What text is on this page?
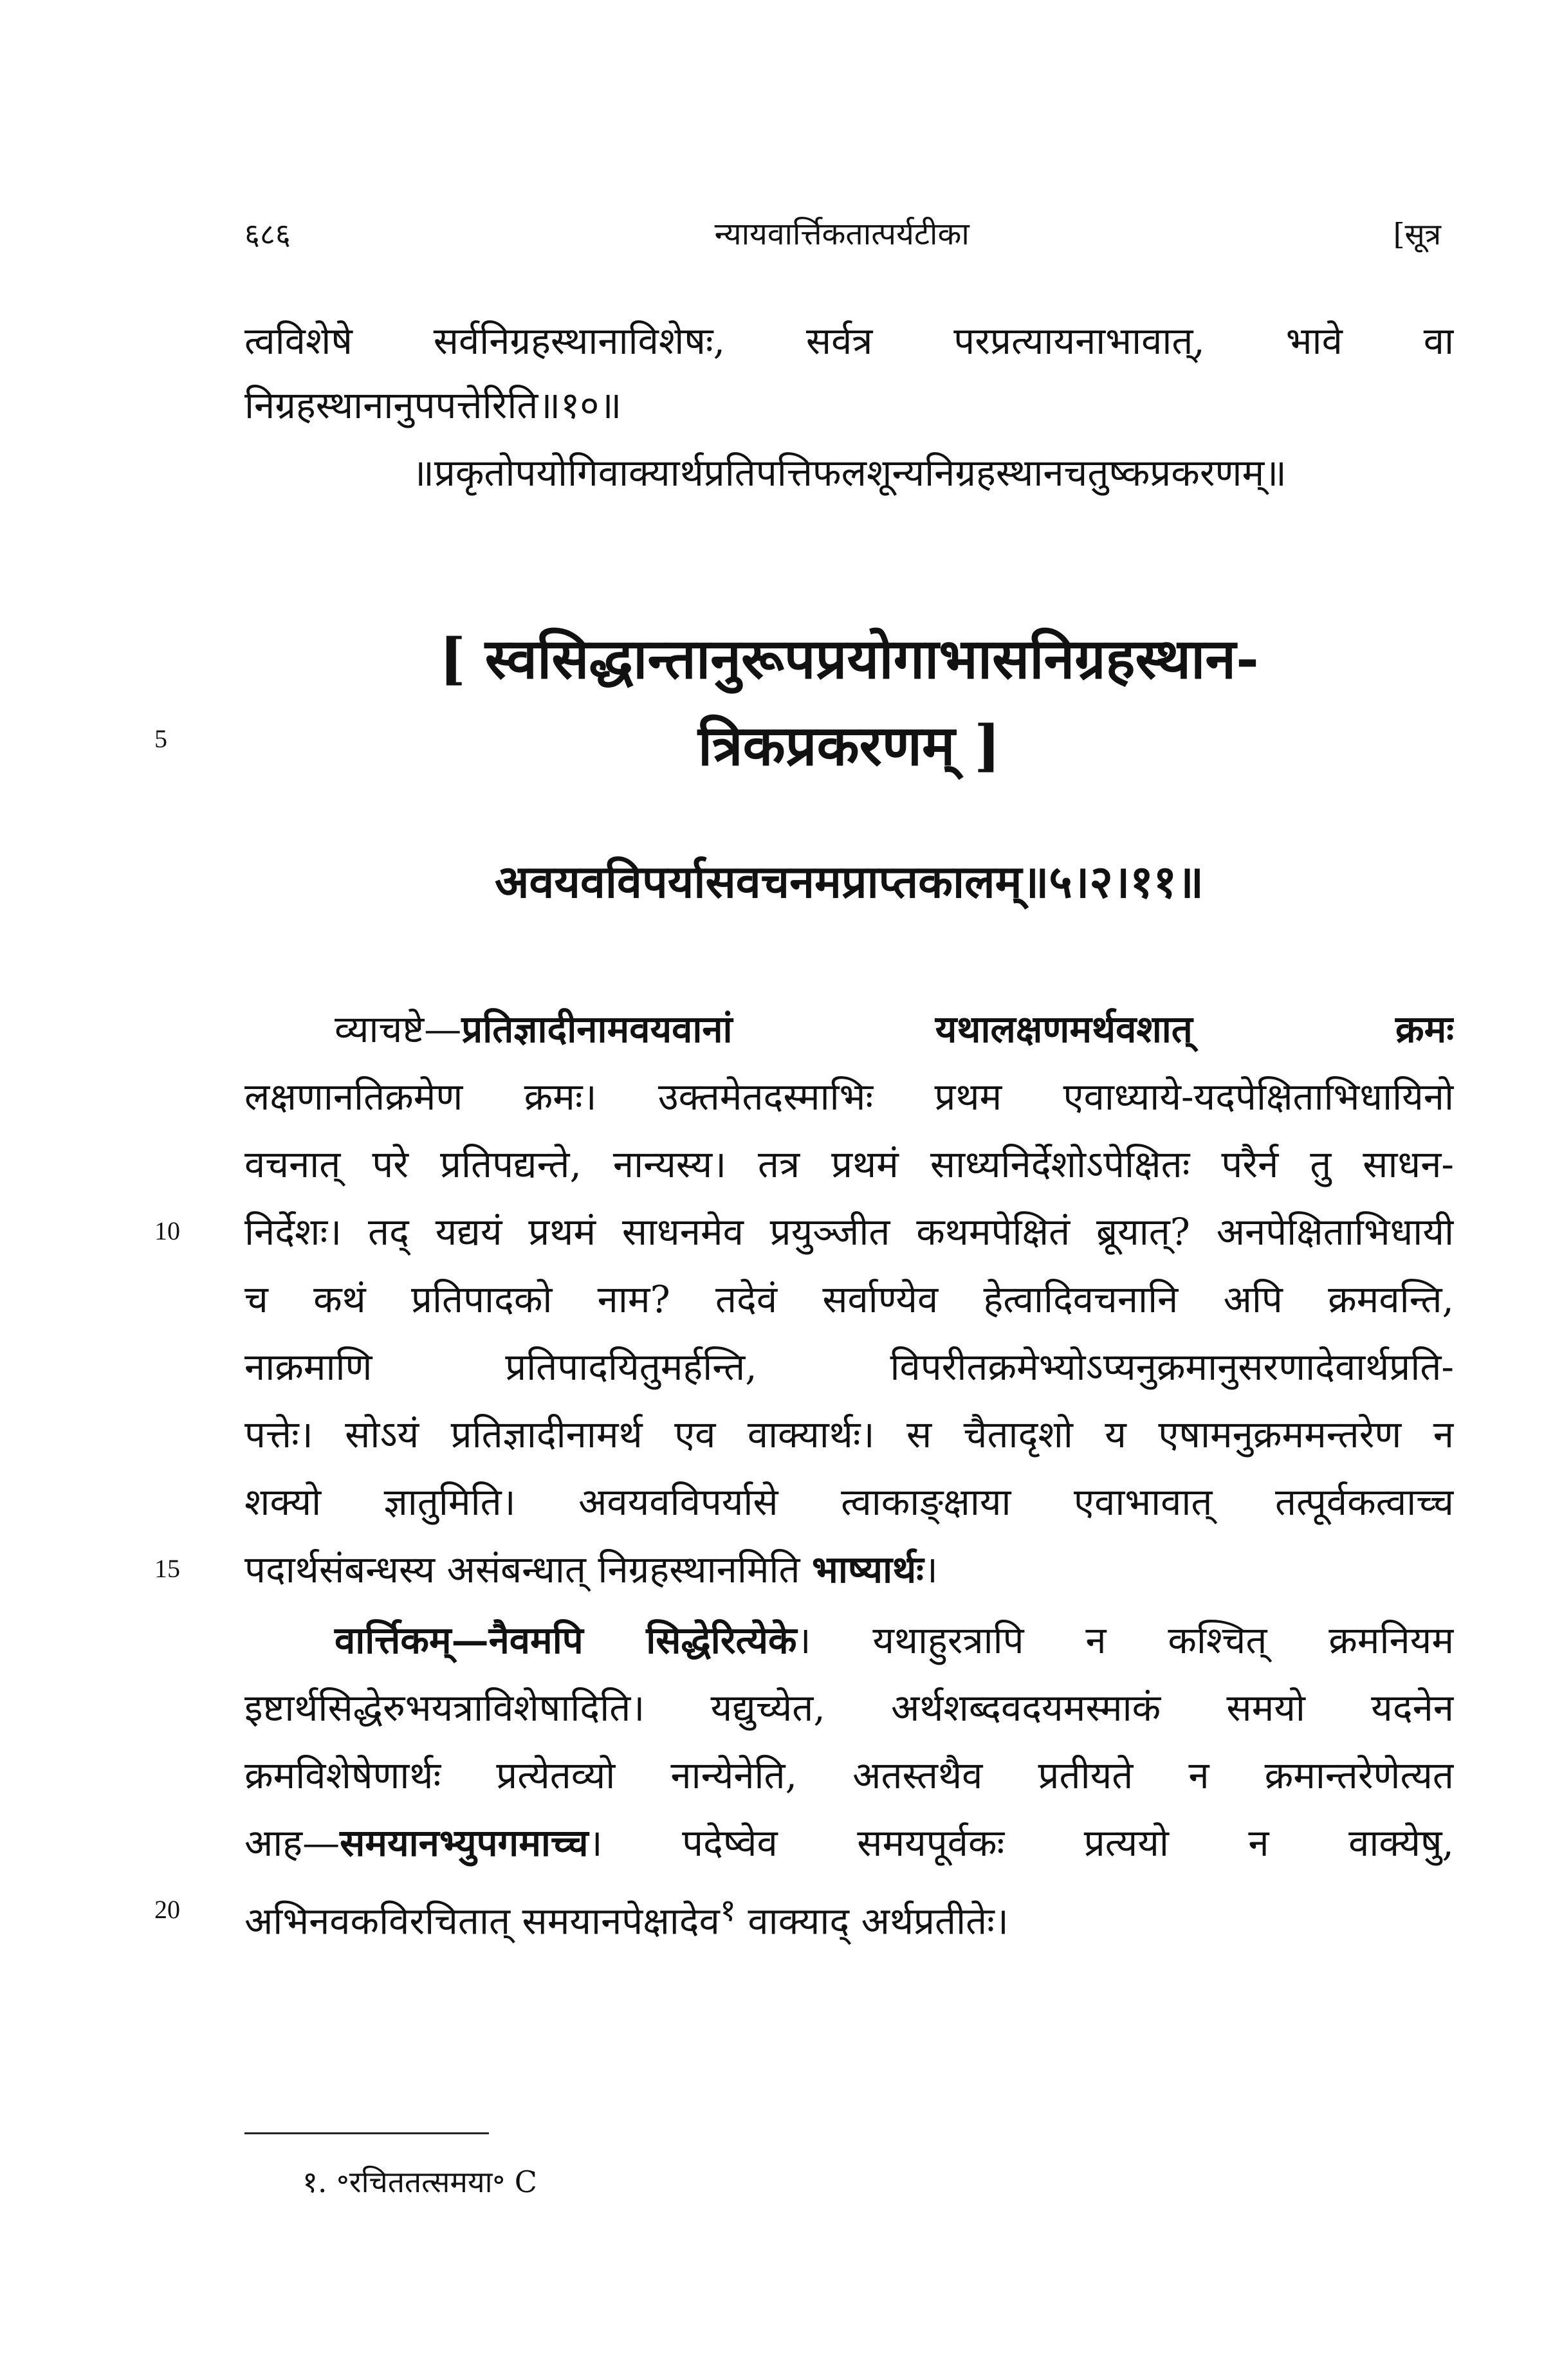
६८६	न्यायवार्त्तिकतात्पर्यटीका	[सूत्र
त्वविशेषे सर्वनिग्रहस्थानाविशेषः, सर्वत्र परप्रत्यायनाभावात्, भावे वा
निग्रहस्थानानुपपत्तेरिति॥१०॥
॥प्रकृतोपयोगिवाक्यार्थप्रतिपत्तिफलशून्यनिग्रहस्थानचतुष्कप्रकरणम्॥
[ स्वसिद्धान्तानुरूपप्रयोगाभासनिग्रहस्थान-
त्रिकप्रकरणम् ]
5
अवयवविपर्यासवचनमप्राप्तकालम्॥५।२।११॥
व्याचष्टे—प्रतिज्ञादीनामवयवानां यथालक्षणमर्थवशात् क्रमः
लक्षणानतिक्रमेण क्रमः। उक्तमेतदस्माभिः प्रथम एवाध्याये-यदपेक्षिताभिधायिनो
वचनात् परे प्रतिपद्यन्ते, नान्यस्य। तत्र प्रथमं साध्यनिर्देशोऽपेक्षितः परैर्न तु साधन-
10 निर्देशः। तद् यद्ययं प्रथमं साधनमेव प्रयुञ्जीत कथमपेक्षितं ब्रूयात्? अनपेक्षिताभिधायी
च कथं प्रतिपादको नाम? तदेवं सर्वाण्येव हेत्वादिवचनानि अपि क्रमवन्ति,
नाक्रमाणि प्रतिपादयितुमर्हन्ति, विपरीतक्रमेभ्योऽप्यनुक्रमानुसरणादेवार्थप्रति-
पत्तेः। सोऽयं प्रतिज्ञादीनामर्थ एव वाक्यार्थः। स चैतादृशो य एषामनुक्रममन्तरेण न
शक्यो ज्ञातुमिति। अवयवविपर्यासे त्वाकाङ्क्षाया एवाभावात् तत्पूर्वकत्वाच्च
15 पदार्थसंबन्धस्य असंबन्धात् निग्रहस्थानमिति भाष्यार्थः।
वार्त्तिकम्—नैवमपि सिद्धेरित्येके। यथाहुरत्रापि न कश्चित् क्रमनियम
इष्टार्थसिद्धेरुभयत्राविशेषादिति। यद्युच्येत, अर्थशब्दवदयमस्माकं समयो यदनेन
क्रमविशेषेणार्थः प्रत्येतव्यो नान्येनेति, अतस्तथैव प्रतीयते न क्रमान्तरेणेत्यत
आह—समयानभ्युपगमाच्च। पदेष्वेव समयपूर्वकः प्रत्ययो न वाक्येषु,
20 अभिनवकविरचितात् समयानपेक्षादेव$^१$ वाक्याद् अर्थप्रतीतेः।
१. ॰रचिततत्समया॰ C
